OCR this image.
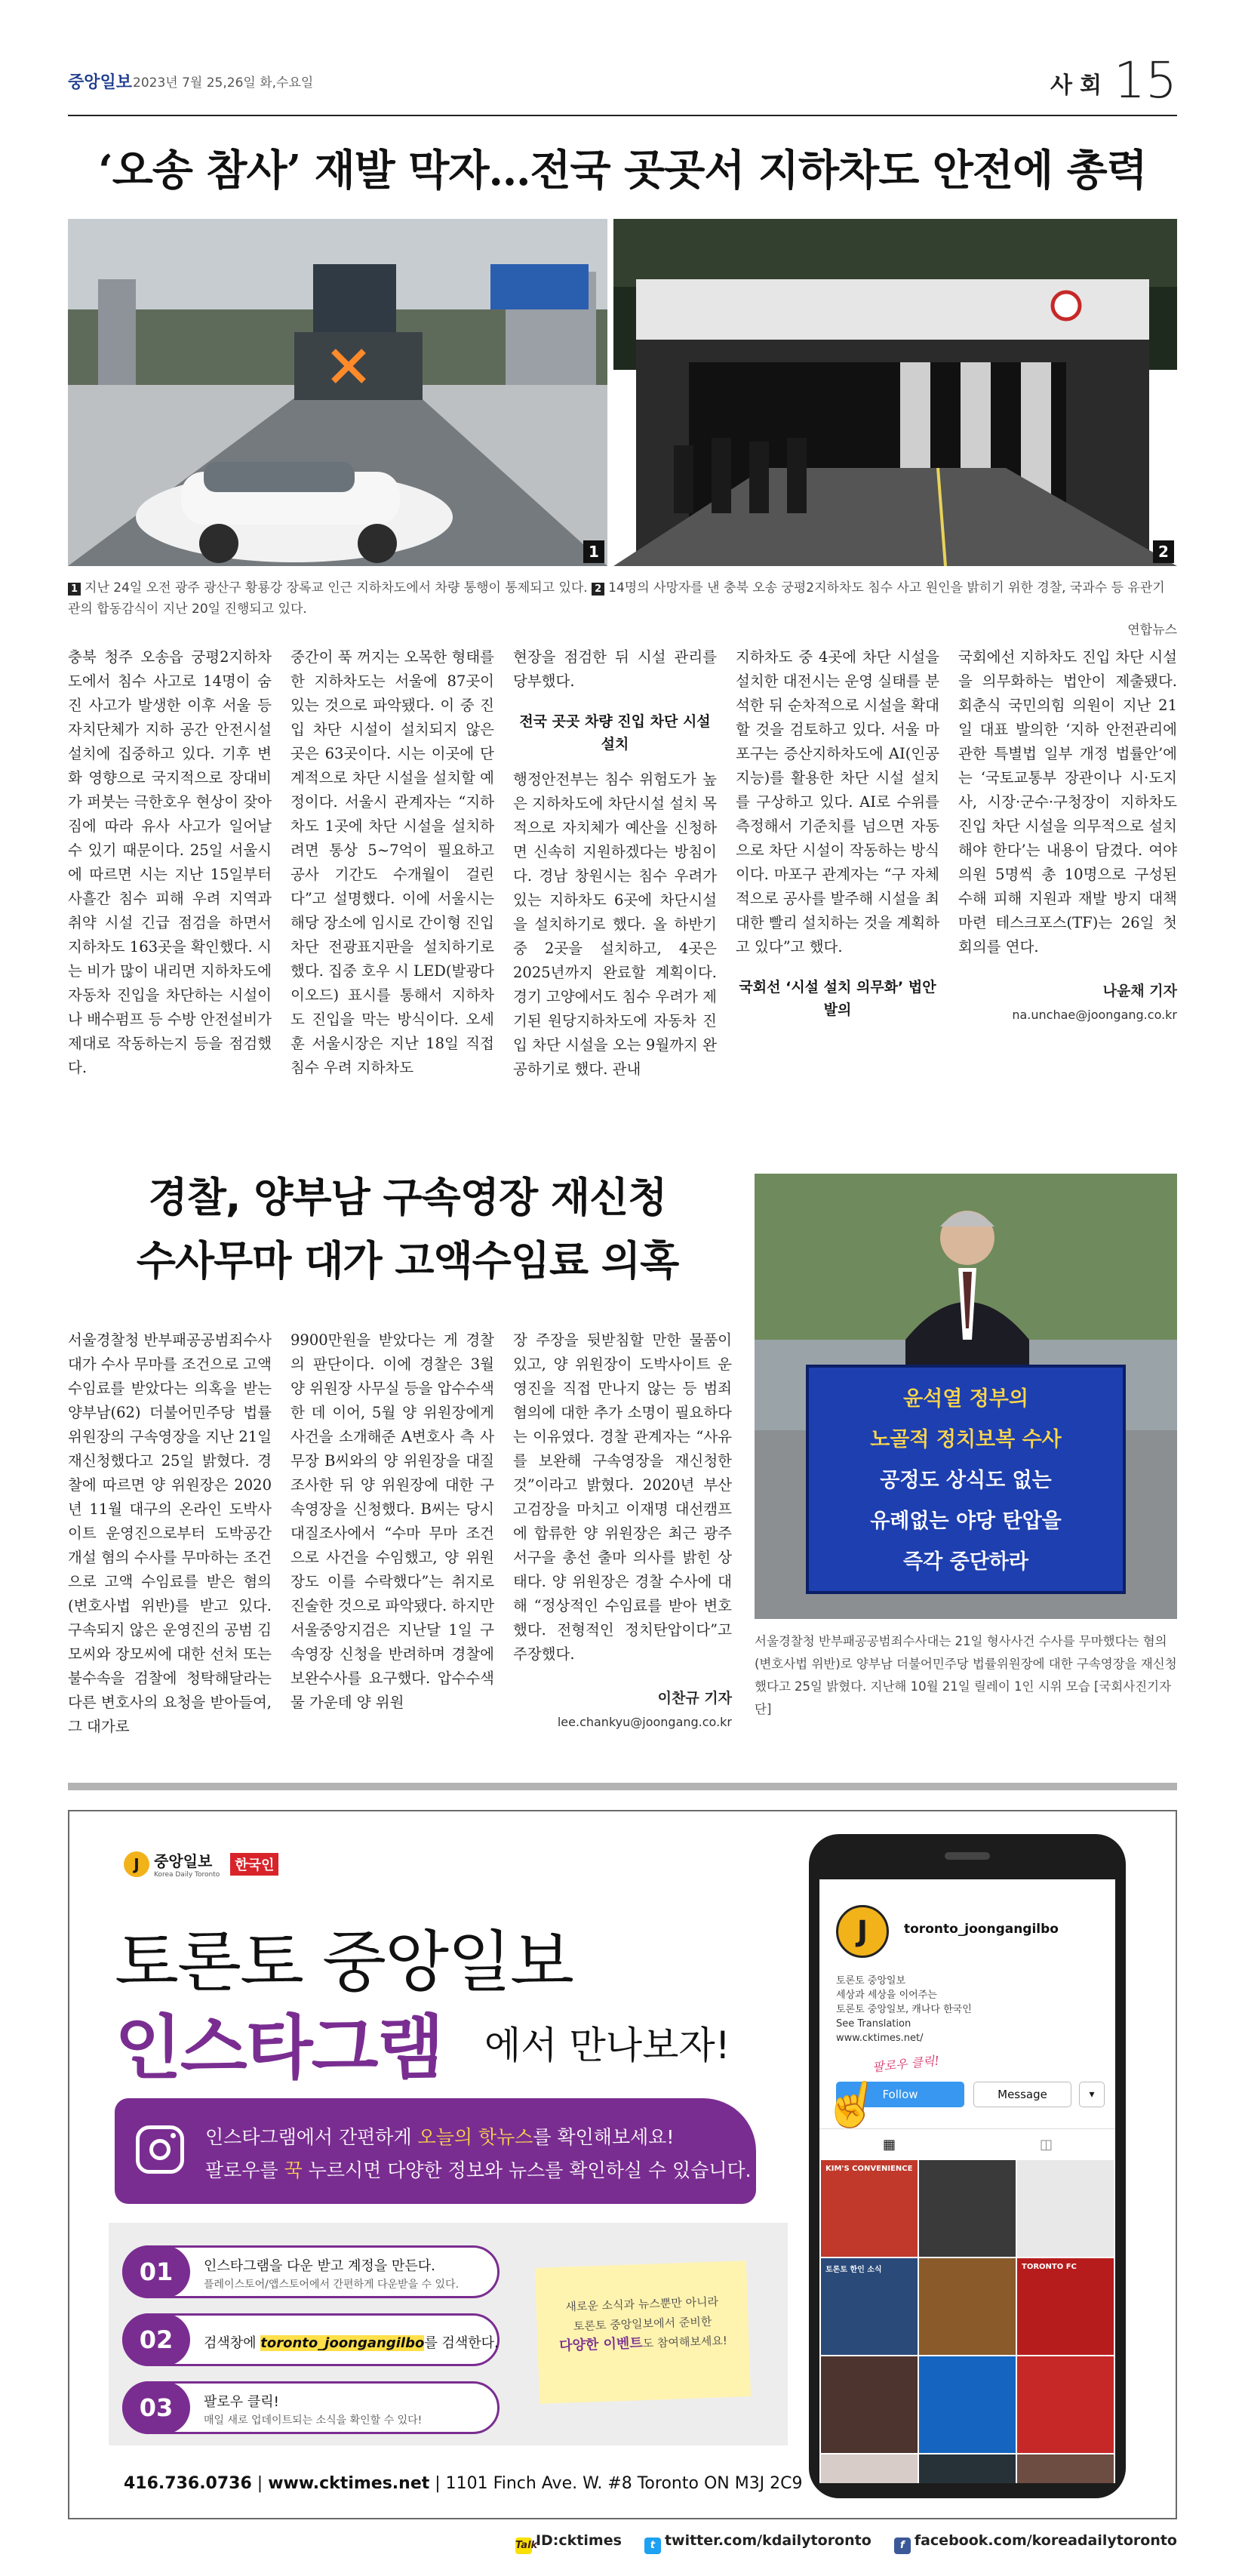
중앙일보 2023년 7월 25,26일 화,수요일	사회 15
‘오송 참사’ 재발 막자…전국 곳곳서 지하차도 안전에 총력
1	2
1 지난 24일 오전 광주 광산구 황룡강 장록교 인근 지하차도에서 차량 통행이 통제되고 있다. 2 14명의 사망자를 낸 충북 오송 궁평2지하차도 침수 사고 원인을 밝히기 위한 경찰, 국과수 등 유관기관의 합동감식이 지난 20일 진행되고 있다.
연합뉴스

충북 청주 오송읍 궁평2지하차도에서 침수 사고로 14명이 숨진 사고가 발생한 이후 서울 등 자치단체가 지하 공간 안전시설 설치에 집중하고 있다. 기후 변화 영향으로 국지적으로 장대비가 퍼붓는 극한호우 현상이 잦아짐에 따라 유사 사고가 일어날 수 있기 때문이다. 25일 서울시에 따르면 시는 지난 15일부터 사흘간 침수 피해 우려 지역과 취약 시설 긴급 점검을 하면서 지하차도 163곳을 확인했다. 시는 비가 많이 내리면 지하차도에 자동차 진입을 차단하는 시설이나 배수펌프 등 수방 안전설비가 제대로 작동하는지 등을 점검했다.

중간이 푹 꺼지는 오목한 형태를 한 지하차도는 서울에 87곳이 있는 것으로 파악됐다. 이 중 진입 차단 시설이 설치되지 않은 곳은 63곳이다. 시는 이곳에 단계적으로 차단 시설을 설치할 예정이다. 서울시 관계자는 “지하차도 1곳에 차단 시설을 설치하려면 통상 5~7억이 필요하고 공사 기간도 수개월이 걸린다”고 설명했다. 이에 서울시는 해당 장소에 임시로 간이형 진입차단 전광표지판을 설치하기로 했다. 집중 호우 시 LED(발광다이오드) 표시를 통해서 지하차도 진입을 막는 방식이다. 오세훈 서울시장은 지난 18일 직접 침수 우려 지하차도

현장을 점검한 뒤 시설 관리를 당부했다.

전국 곳곳 차량 진입 차단 시설 설치

행정안전부는 침수 위험도가 높은 지하차도에 차단시설 설치 목적으로 자치체가 예산을 신청하면 신속히 지원하겠다는 방침이다. 경남 창원시는 침수 우려가 있는 지하차도 6곳에 차단시설을 설치하기로 했다. 올 하반기 중 2곳을 설치하고, 4곳은 2025년까지 완료할 계획이다. 경기 고양에서도 침수 우려가 제기된 원당지하차도에 자동차 진입 차단 시설을 오는 9월까지 완공하기로 했다. 관내

지하차도 중 4곳에 차단 시설을 설치한 대전시는 운영 실태를 분석한 뒤 순차적으로 시설을 확대할 것을 검토하고 있다. 서울 마포구는 증산지하차도에 AI(인공지능)를 활용한 차단 시설 설치를 구상하고 있다. AI로 수위를 측정해서 기준치를 넘으면 자동으로 차단 시설이 작동하는 방식이다. 마포구 관계자는 “구 자체적으로 공사를 발주해 시설을 최대한 빨리 설치하는 것을 계획하고 있다”고 했다.

국회선 ‘시설 설치 의무화’ 법안 발의

국회에선 지하차도 진입 차단 시설을 의무화하는 법안이 제출됐다. 회춘식 국민의힘 의원이 지난 21일 대표 발의한 ‘지하 안전관리에 관한 특별법 일부 개정 법률안’에는 ‘국토교통부 장관이나 시·도지사, 시장·군수·구청장이 지하차도 진입 차단 시설을 의무적으로 설치해야 한다’는 내용이 담겼다. 여야 의원 5명씩 총 10명으로 구성된 수해 피해 지원과 재발 방지 대책 마련 테스크포스(TF)는 26일 첫 회의를 연다.

나윤채 기자
na.unchae@joongang.co.kr
경찰, 양부남 구속영장 재신청
수사무마 대가 고액수임료 의혹

서울경찰청 반부패공공범죄수사대가 수사 무마를 조건으로 고액 수임료를 받았다는 의혹을 받는 양부남(62) 더불어민주당 법률위원장의 구속영장을 지난 21일 재신청했다고 25일 밝혔다. 경찰에 따르면 양 위원장은 2020년 11월 대구의 온라인 도박사이트 운영진으로부터 도박공간개설 혐의 수사를 무마하는 조건으로 고액 수임료를 받은 혐의(변호사법 위반)를 받고 있다. 구속되지 않은 운영진의 공범 김모씨와 장모씨에 대한 선처 또는 불수속을 검찰에 청탁해달라는 다른 변호사의 요청을 받아들여, 그 대가로

9900만원을 받았다는 게 경찰의 판단이다. 이에 경찰은 3월 양 위원장 사무실 등을 압수수색한 데 이어, 5월 양 위원장에게 사건을 소개해준 A변호사 측 사무장 B씨와의 양 위원장을 대질조사한 뒤 양 위원장에 대한 구속영장을 신청했다. B씨는 당시 대질조사에서 “수마 무마 조건으로 사건을 수임했고, 양 위원장도 이를 수락했다”는 취지로 진술한 것으로 파악됐다. 하지만 서울중앙지검은 지난달 1일 구속영장 신청을 반려하며 경찰에 보완수사를 요구했다. 압수수색물 가운데 양 위원

장 주장을 뒷받침할 만한 물품이 있고, 양 위원장이 도박사이트 운영진을 직접 만나지 않는 등 범죄 혐의에 대한 추가 소명이 필요하다는 이유였다. 경찰 관계자는 “사유를 보완해 구속영장을 재신청한 것”이라고 밝혔다. 2020년 부산고검장을 마치고 이재명 대선캠프에 합류한 양 위원장은 최근 광주 서구을 총선 출마 의사를 밝힌 상태다. 양 위원장은 경찰 수사에 대해 “정상적인 수임료를 받아 변호했다. 전형적인 정치탄압이다”고 주장했다.

이찬규 기자
lee.chankyu@joongang.co.kr
윤석열 정부의
노골적 정치보복 수사
공정도 상식도 없는
유례없는 야당 탄압을
즉각 중단하라
서울경찰청 반부패공공범죄수사대는 21일 형사사건 수사를 무마했다는 혐의(변호사법 위반)로 양부남 더불어민주당 법률위원장에 대한 구속영장을 재신청했다고 25일 밝혔다. 지난해 10월 21일 릴레이 1인 시위 모습 [국회사진기자단]
J 중앙일보
Korea Daily Toronto
한국인
토론토 중앙일보
인스타그램 에서 만나보자!
인스타그램에서 간편하게 오늘의 핫뉴스를 확인해보세요!
팔로우를 꾹 누르시면 다양한 정보와 뉴스를 확인하실 수 있습니다.
01	인스타그램을 다운 받고 계정을 만든다.
플레이스토어/앱스토어에서 간편하게 다운받을 수 있다.
02	검색창에 toronto_joongangilbo를 검색한다.
03	팔로우 클릭!
매일 새로 업데이트되는 소식을 확인할 수 있다!
새로운 소식과 뉴스뿐만 아니라
토론토 중앙일보에서 준비한
다양한 이벤트도 참여해보세요!
416.736.0736 | www.cktimes.net | 1101 Finch Ave. W. #8 Toronto ON M3J 2C9
J	toronto_joongangilbo
토론토 중앙일보
세상과 세상을 이어주는
토론토 중앙일보, 캐나다 한국인
See Translation
www.cktimes.net/
팔로우 클릭!
Follow	Message	▾
▦	◫
KIM'S CONVENIENCE
토론토 한인 소식	TORONTO FC
☝
TalkID:cktimes	t twitter.com/kdailytoronto	f facebook.com/koreadailytoronto
